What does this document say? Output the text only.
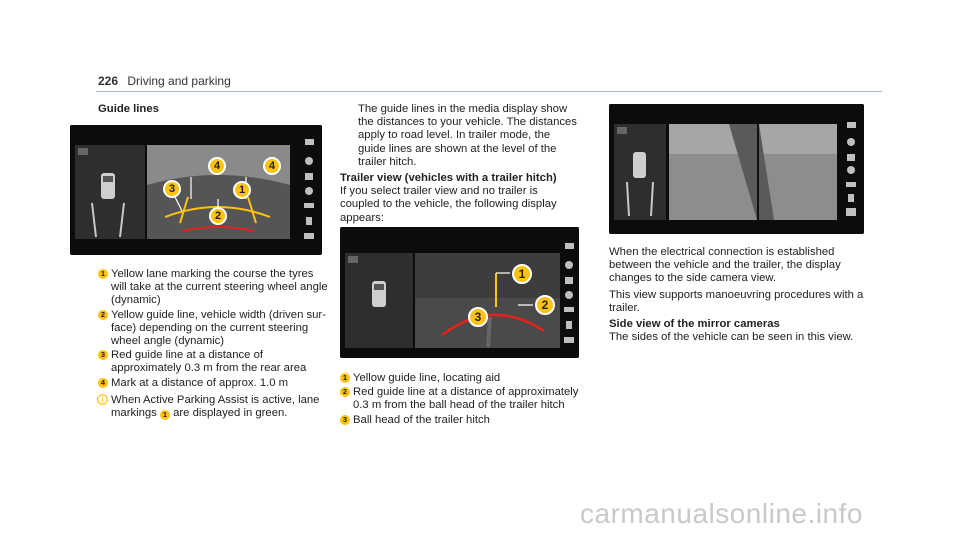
226 Driving and parking
Guide lines
4	4
1
3
2
1 Yellow lane marking the course the tyres will take at the current steering wheel angle (dynamic)
2 Yellow guide line, vehicle width (driven sur- face) depending on the current steering wheel angle (dynamic)
3 Red guide line at a distance of approximately 0.3 m from the rear area
4 Mark at a distance of approx. 1.0 m
When Active Parking Assist is active, lane markings 1 are displayed in green.

The guide lines in the media display show the distances to your vehicle. The distances apply to road level. In trailer mode, the guide lines are shown at the level of the trailer hitch.

Trailer view (vehicles with a trailer hitch)

If you select trailer view and no trailer is coupled to the vehicle, the following display appears:

1
2
3
1 Yellow guide line, locating aid
2 Red guide line at a distance of approximately 0.3 m from the ball head of the trailer hitch
3 Ball head of the trailer hitch

When the electrical connection is established between the vehicle and the trailer, the display changes to the side camera view.

This view supports manoeuvring procedures with a trailer.

Side view of the mirror cameras

The sides of the vehicle can be seen in this view.

carmanualsonline.info
